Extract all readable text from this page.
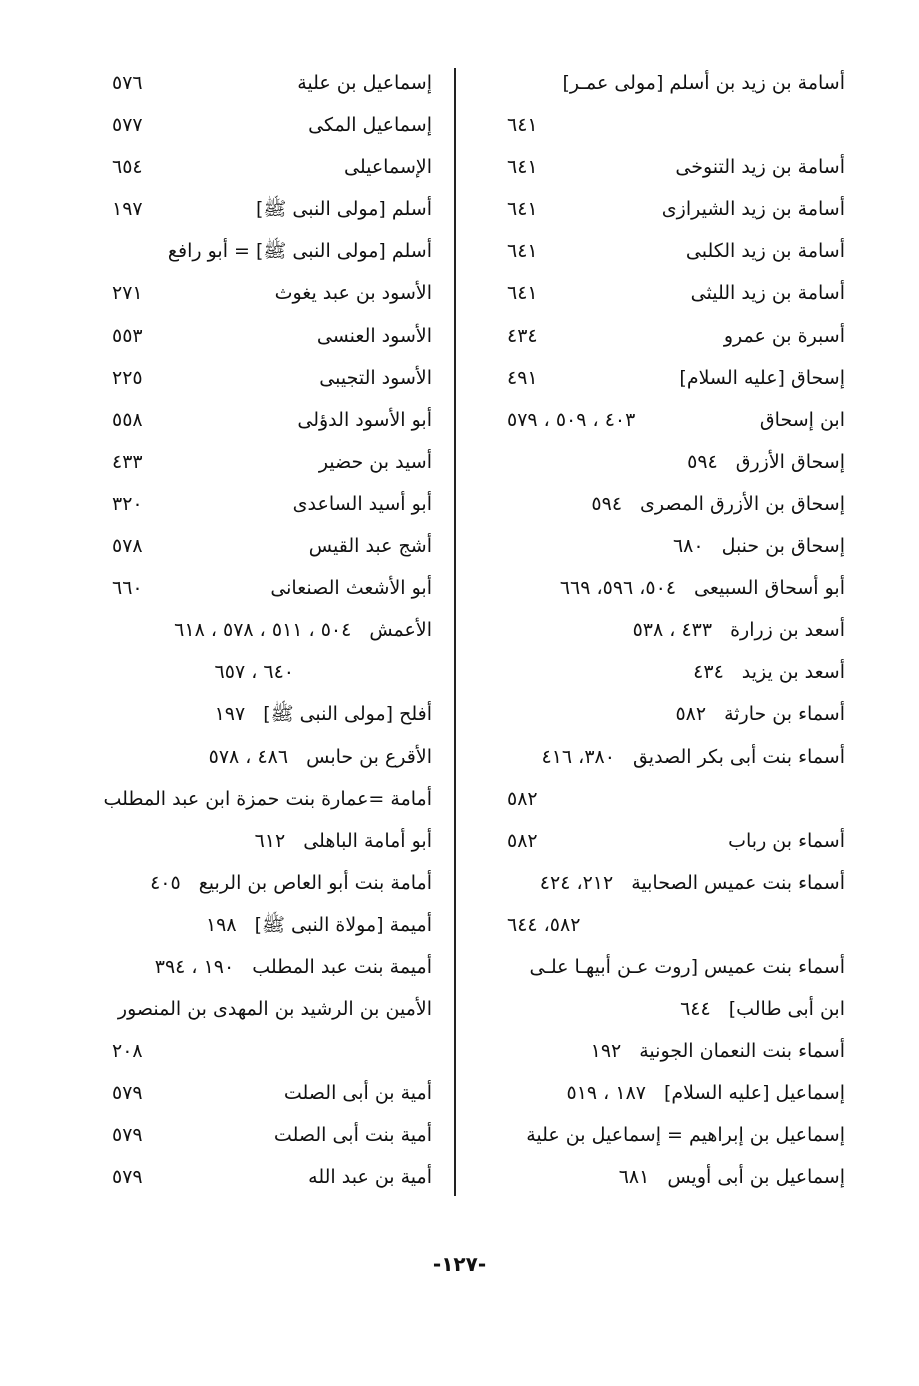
أسامة بن زيد بن أسلم [مولى عمـر]
٦٤١
أسامة بن زيد التنوخى
٦٤١
أسامة بن زيد الشيرازى
٦٤١
أسامة بن زيد الكلبى
٦٤١
أسامة بن زيد الليثى
٦٤١
أسبرة بن عمرو
٤٣٤
إسحاق [عليه السلام]
٤٩١
ابن إسحاق
٤٠٣ ، ٥٠٩ ، ٥٧٩
إسحاق الأزرق٥٩٤
إسحاق بن الأزرق المصرى٥٩٤
إسحاق بن حنبل٦٨٠
أبو أسحاق السبيعى٥٠٤، ٥٩٦، ٦٦٩
أسعد بن زرارة٤٣٣ ، ٥٣٨
أسعد بن يزيد٤٣٤
أسماء بن حارثة٥٨٢
أسماء بنت أبى بكر الصديق٣٨٠، ٤١٦
٥٨٢
أسماء بن رباب
٥٨٢
أسماء بنت عميس الصحابية٢١٢، ٤٢٤
٥٨٢، ٦٤٤
أسماء بنت عميس [روت عـن أبيهـا علـى
ابن أبى طالب]٦٤٤
أسماء بنت النعمان الجونية١٩٢
إسماعيل [عليه السلام]١٨٧ ، ٥١٩
إسماعيل بن إبراهيم = إسماعيل بن علية
إسماعيل بن أبى أويس٦٨١
إسماعيل بن علية
٥٧٦
إسماعيل المكى
٥٧٧
الإسماعيلى
٦٥٤
أسلم [مولى النبى ﷺ]
١٩٧
أسلم [مولى النبى ﷺ] = أبو رافع
الأسود بن عبد يغوث
٢٧١
الأسود العنسى
٥٥٣
الأسود التجيبى
٢٢٥
أبو الأسود الدؤلى
٥٥٨
أسيد بن حضير
٤٣٣
أبو أسيد الساعدى
٣٢٠
أشج عبد القيس
٥٧٨
أبو الأشعث الصنعانى
٦٦٠
الأعمش٥٠٤ ، ٥١١ ، ٥٧٨ ، ٦١٨
٦٤٠ ، ٦٥٧
أفلح [مولى النبى ﷺ]١٩٧
الأقرع بن حابس٤٨٦ ، ٥٧٨
أمامة =عمارة بنت حمزة ابن عبد المطلب
أبو أمامة الباهلى٦١٢
أمامة بنت أبو العاص بن الربيع٤٠٥
أميمة [مولاة النبى ﷺ]١٩٨
أميمة بنت عبد المطلب١٩٠ ، ٣٩٤
الأمين بن الرشيد بن المهدى بن المنصور
٢٠٨
أمية بن أبى الصلت
٥٧٩
أمية بنت أبى الصلت
٥٧٩
أمية بن عبد الله
٥٧٩
-١٢٧-
